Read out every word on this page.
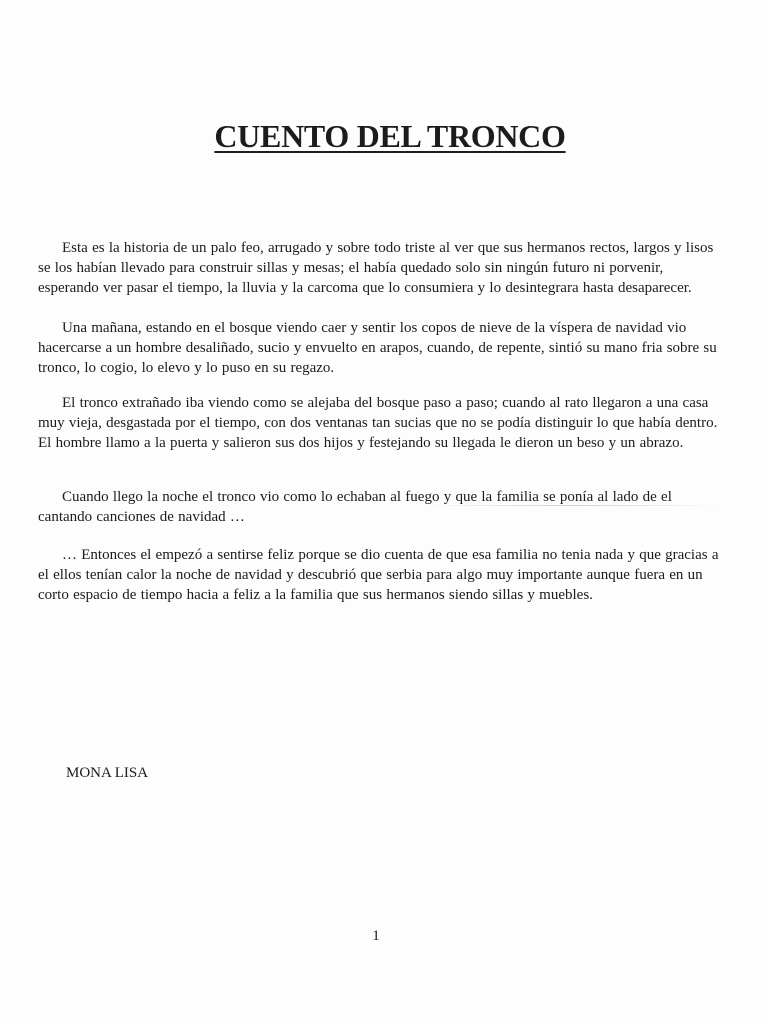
CUENTO DEL TRONCO

Esta es la historia de un palo feo, arrugado y sobre todo triste al ver que sus hermanos rectos, largos y lisos se los habían llevado para construir sillas y mesas; el había quedado solo sin ningún futuro ni porvenir, esperando ver pasar el tiempo, la lluvia y la carcoma que lo consumiera y lo desintegrara hasta desaparecer.

Una mañana, estando en el bosque viendo caer y sentir los copos de nieve de la víspera de navidad vio hacercarse a un hombre desaliñado, sucio y envuelto en arapos, cuando, de repente, sintió su mano fria sobre su tronco, lo cogio, lo elevo y lo puso en su regazo.

El tronco extrañado iba viendo como se alejaba del bosque paso a paso; cuando al rato llegaron a una casa muy vieja, desgastada por el tiempo, con dos ventanas tan sucias que no se podía distinguir lo que había dentro. El hombre llamo a la puerta y salieron sus dos hijos y festejando su llegada le dieron un beso y un abrazo.

Cuando llego la noche el tronco vio como lo echaban al fuego y que la familia se ponía al lado de el cantando canciones de navidad …

… Entonces el empezó a sentirse feliz porque se dio cuenta de que esa familia no tenia nada y que gracias a el ellos tenían calor la noche de navidad y descubrió que serbia para algo muy importante aunque fuera en un corto espacio de tiempo hacia a feliz a la familia que sus hermanos siendo sillas y muebles.

MONA LISA

1
